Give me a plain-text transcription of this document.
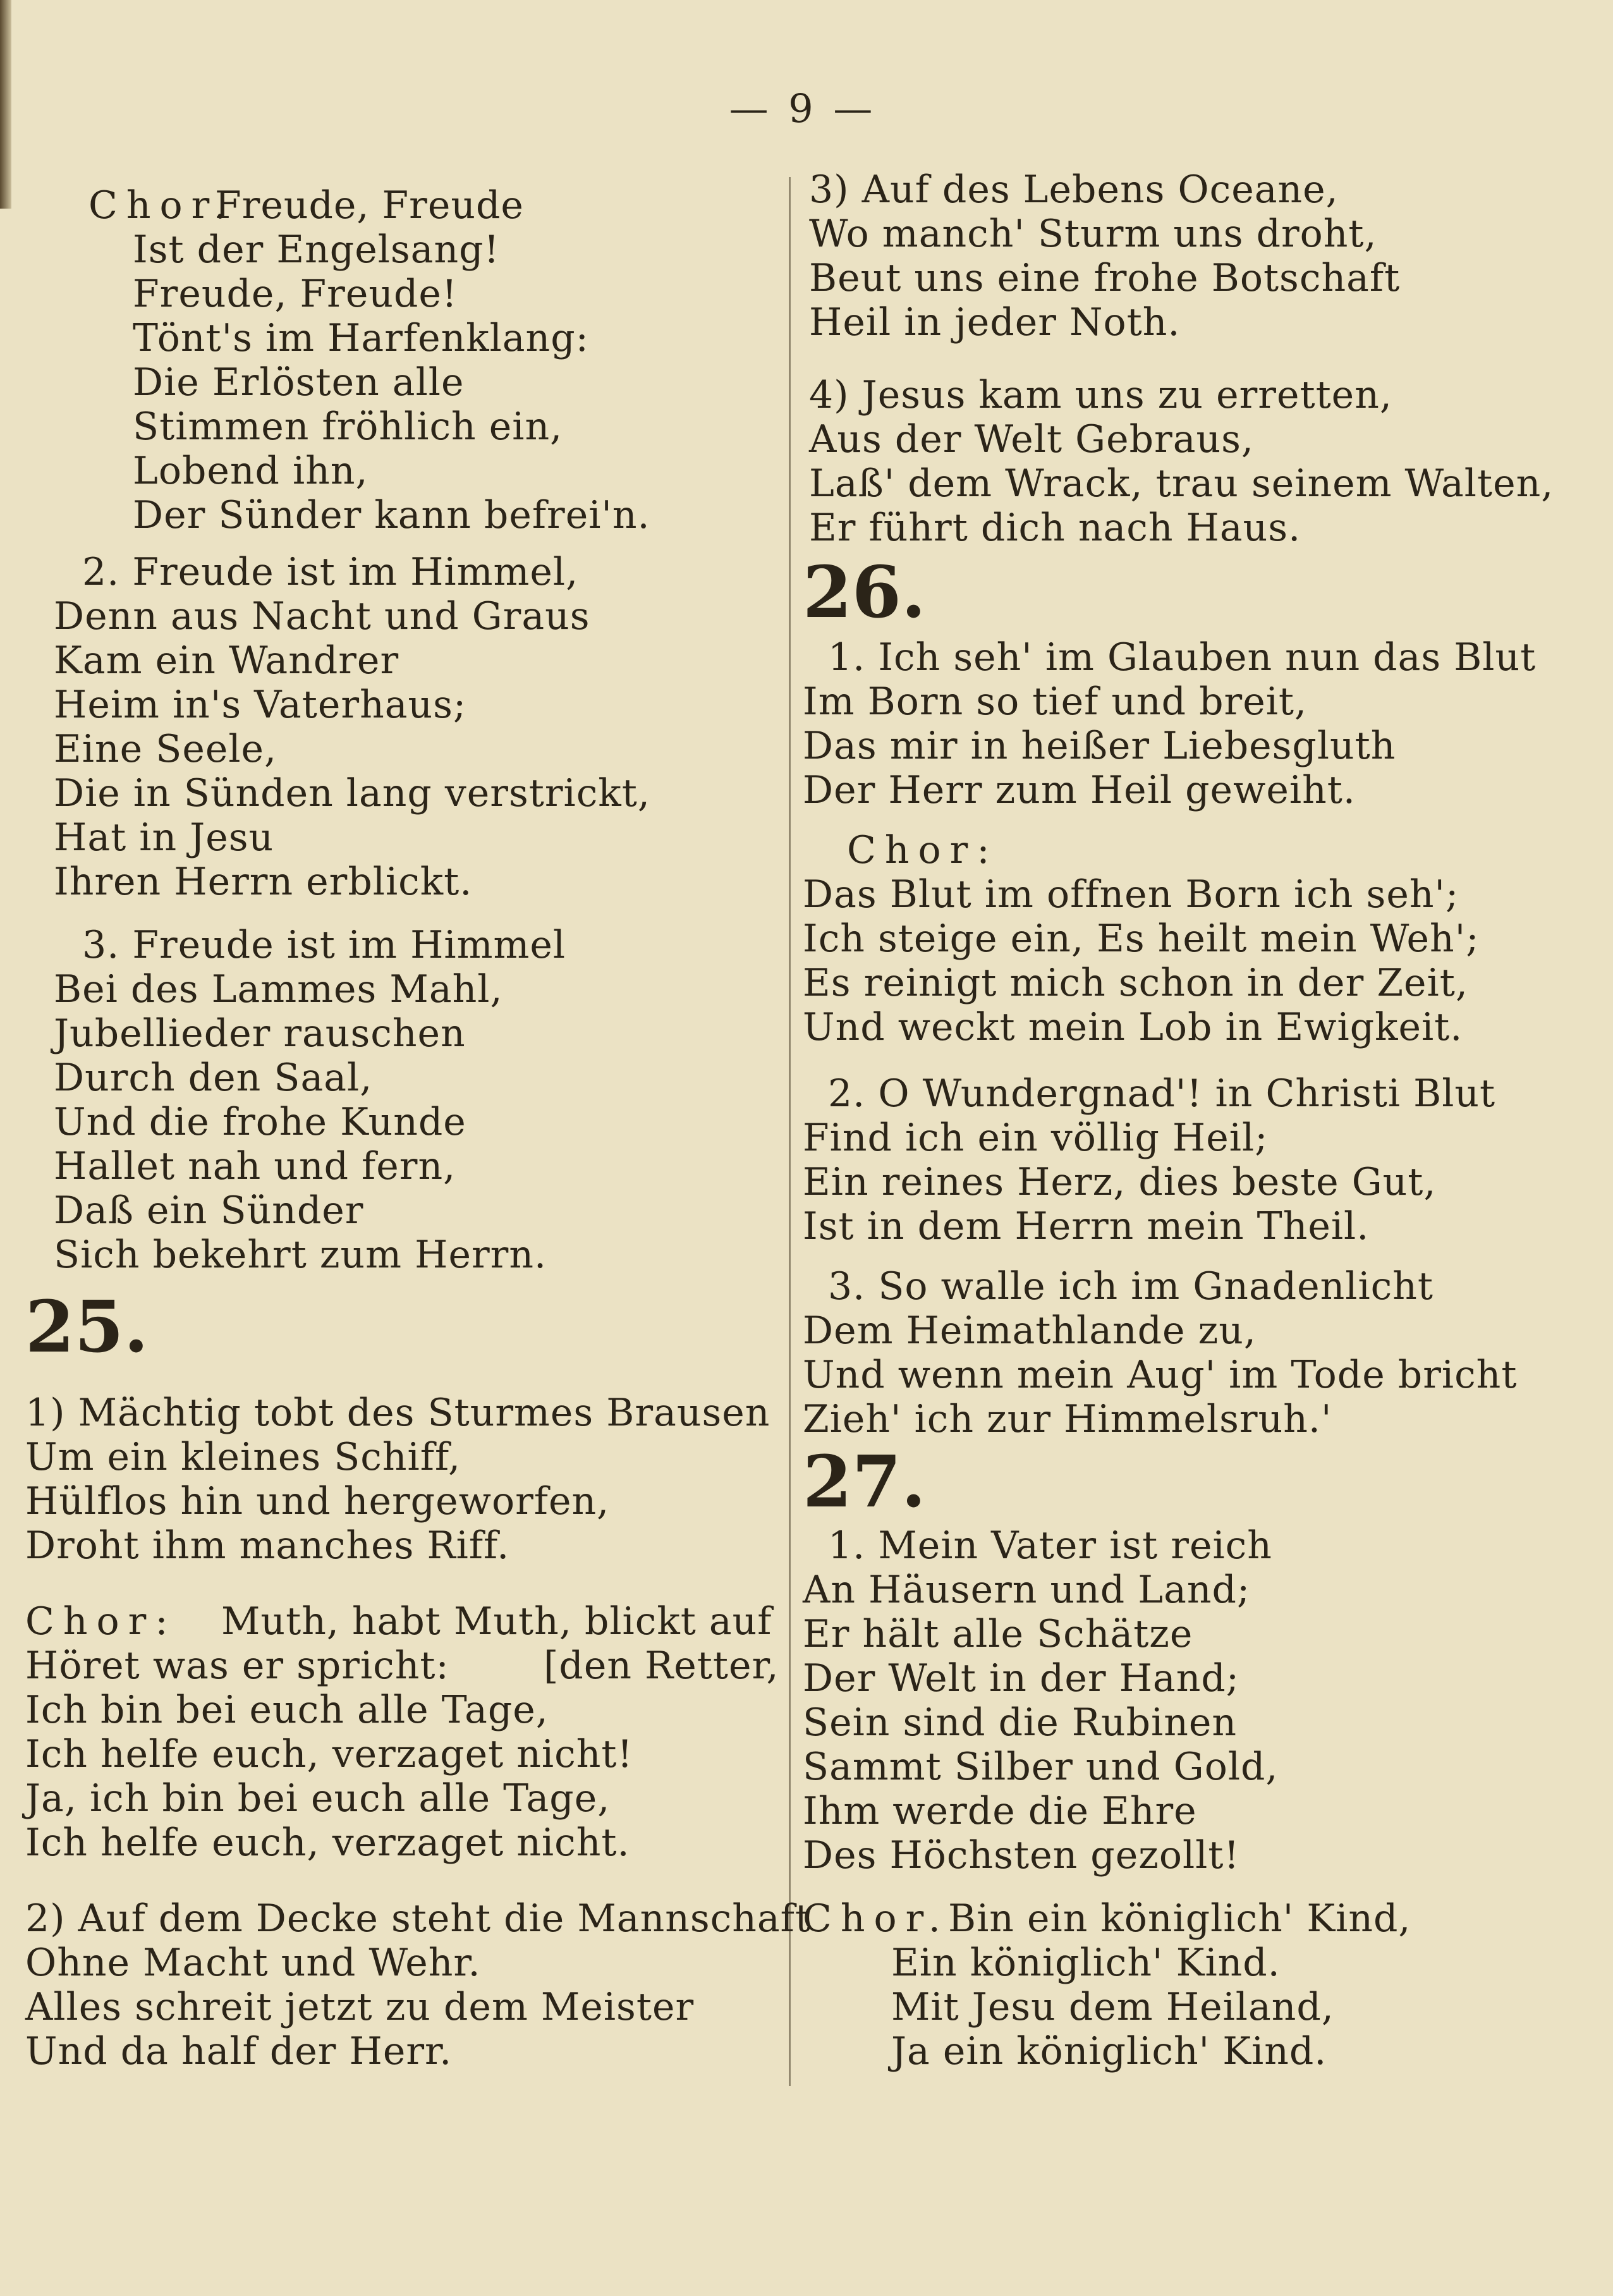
— 9 —
Chor.
Freude, Freude
Ist der Engelsang!
Freude, Freude!
Tönt's im Harfenklang:
Die Erlösten alle
Stimmen fröhlich ein,
Lobend ihn,
Der Sünder kann befrei'n.
2. Freude ist im Himmel,
Denn aus Nacht und Graus
Kam ein Wandrer
Heim in's Vaterhaus;
Eine Seele,
Die in Sünden lang verstrickt,
Hat in Jesu
Ihren Herrn erblickt.
3. Freude ist im Himmel
Bei des Lammes Mahl,
Jubellieder rauschen
Durch den Saal,
Und die frohe Kunde
Hallet nah und fern,
Daß ein Sünder
Sich bekehrt zum Herrn.
25.
1) Mächtig tobt des Sturmes Brausen
Um ein kleines Schiff,
Hülflos hin und hergeworfen,
Droht ihm manches Riff.
Chor: Muth, habt Muth, blickt auf
Höret was er spricht: [den Retter,
Ich bin bei euch alle Tage,
Ich helfe euch, verzaget nicht!
Ja, ich bin bei euch alle Tage,
Ich helfe euch, verzaget nicht.
2) Auf dem Decke steht die Mannschaft
Ohne Macht und Wehr.
Alles schreit jetzt zu dem Meister
Und da half der Herr.
3) Auf des Lebens Oceane,
Wo manch' Sturm uns droht,
Beut uns eine frohe Botschaft
Heil in jeder Noth.
4) Jesus kam uns zu erretten,
Aus der Welt Gebraus,
Laß' dem Wrack, trau seinem Walten,
Er führt dich nach Haus.
26.
1. Ich seh' im Glauben nun das Blut
Im Born so tief und breit,
Das mir in heißer Liebesgluth
Der Herr zum Heil geweiht.
Chor:
Das Blut im offnen Born ich seh';
Ich steige ein, Es heilt mein Weh';
Es reinigt mich schon in der Zeit,
Und weckt mein Lob in Ewigkeit.
2. O Wundergnad'! in Christi Blut
Find ich ein völlig Heil;
Ein reines Herz, dies beste Gut,
Ist in dem Herrn mein Theil.
3. So walle ich im Gnadenlicht
Dem Heimathlande zu,
Und wenn mein Aug' im Tode bricht
Zieh' ich zur Himmelsruh.'
27.
1. Mein Vater ist reich
An Häusern und Land;
Er hält alle Schätze
Der Welt in der Hand;
Sein sind die Rubinen
Sammt Silber und Gold,
Ihm werde die Ehre
Des Höchsten gezollt!
Chor.
Bin ein königlich' Kind,
Ein königlich' Kind.
Mit Jesu dem Heiland,
Ja ein königlich' Kind.
